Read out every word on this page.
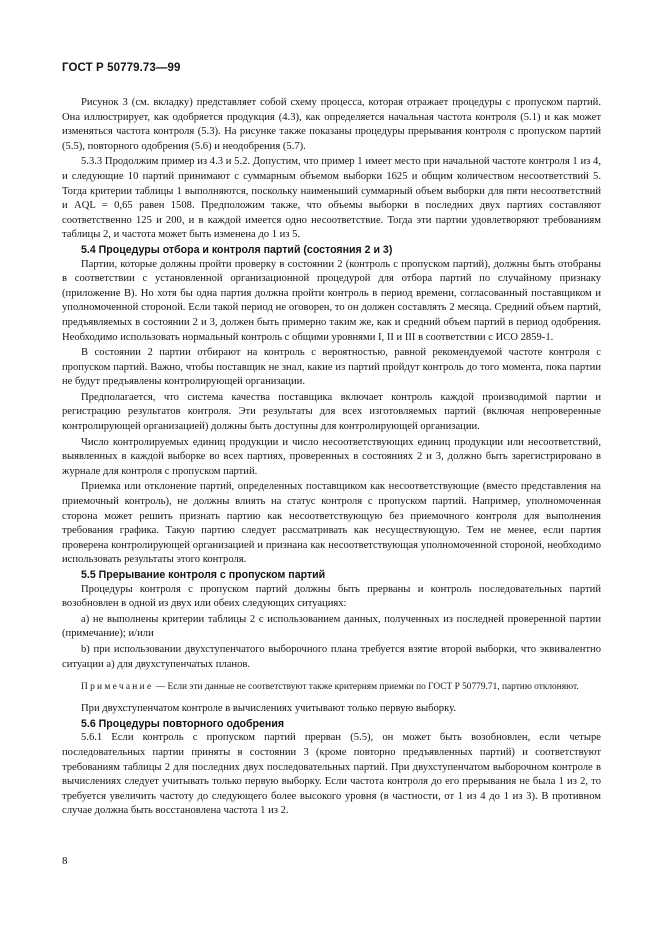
ГОСТ Р 50779.73—99

Рисунок 3 (см. вкладку) представляет собой схему процесса, которая отражает процедуры с пропуском партий. Она иллюстрирует, как одобряется продукция (4.3), как определяется начальная частота контроля (5.1) и как может изменяться частота контроля (5.3). На рисунке также показаны процедуры прерывания контроля с пропуском партий (5.5), повторного одобрения (5.6) и неодобрения (5.7).

5.3.3 Продолжим пример из 4.3 и 5.2. Допустим, что пример 1 имеет место при начальной частоте контроля 1 из 4, и следующие 10 партий принимают с суммарным объемом выборки 1625 и общим количеством несоответствий 5. Тогда критерии таблицы 1 выполняются, поскольку наименьший суммарный объем выборки для пяти несоответствий и AQL = 0,65 равен 1508. Предположим также, что объемы выборки в последних двух партиях составляют соответственно 125 и 200, и в каждой имеется одно несоответствие. Тогда эти партии удовлетворяют требованиям таблицы 2, и частота может быть изменена до 1 из 5.

5.4 Процедуры отбора и контроля партий (состояния 2 и 3)

Партии, которые должны пройти проверку в состоянии 2 (контроль с пропуском партий), должны быть отобраны в соответствии с установленной организационной процедурой для отбора партий по случайному признаку (приложение В). Но хотя бы одна партия должна пройти контроль в период времени, согласованный поставщиком и уполномоченной стороной. Если такой период не оговорен, то он должен составлять 2 месяца. Средний объем партий, предъявляемых в состоянии 2 и 3, должен быть примерно таким же, как и средний объем партий в период одобрения. Необходимо использовать нормальный контроль с общими уровнями I, II и III в соответствии с ИСО 2859-1.

В состоянии 2 партии отбирают на контроль с вероятностью, равной рекомендуемой частоте контроля с пропуском партий. Важно, чтобы поставщик не знал, какие из партий пройдут контроль до того момента, пока партии не будут предъявлены контролирующей организации.

Предполагается, что система качества поставщика включает контроль каждой производимой партии и регистрацию результатов контроля. Эти результаты для всех изготовляемых партий (включая непроверенные контролирующей организацией) должны быть доступны для контролирующей организации.

Число контролируемых единиц продукции и число несоответствующих единиц продукции или несоответствий, выявленных в каждой выборке во всех партиях, проверенных в состояниях 2 и 3, должно быть зарегистрировано в журнале для контроля с пропуском партий.

Приемка или отклонение партий, определенных поставщиком как несоответствующие (вместо представления на приемочный контроль), не должны влиять на статус контроля с пропуском партий. Например, уполномоченная сторона может решить признать партию как несоответствующую без приемочного контроля для выполнения требования графика. Такую партию следует рассматривать как несуществующую. Тем не менее, если партия проверена контролирующей организацией и признана как несоответствующая уполномоченной стороной, необходимо использовать результаты этого контроля.

5.5 Прерывание контроля с пропуском партий

Процедуры контроля с пропуском партий должны быть прерваны и контроль последовательных партий возобновлен в одной из двух или обеих следующих ситуациях:

а) не выполнены критерии таблицы 2 с использованием данных, полученных из последней проверенной партии (примечание); и/или

b) при использовании двухступенчатого выборочного плана требуется взятие второй выборки, что эквивалентно ситуации а) для двухступенчатых планов.

Примечание — Если эти данные не соответствуют также критериям приемки по ГОСТ Р 50779.71, партию отклоняют.

При двухступенчатом контроле в вычислениях учитывают только первую выборку.

5.6 Процедуры повторного одобрения

5.6.1 Если контроль с пропуском партий прерван (5.5), он может быть возобновлен, если четыре последовательных партии приняты в состоянии 3 (кроме повторно предъявленных партий) и соответствуют требованиям таблицы 2 для последних двух последовательных партий. При двухступенчатом выборочном контроле в вычислениях следует учитывать только первую выборку. Если частота контроля до его прерывания не была 1 из 2, то требуется увеличить частоту до следующего более высокого уровня (в частности, от 1 из 4 до 1 из 3). В противном случае должна быть восстановлена частота 1 из 2.

8
